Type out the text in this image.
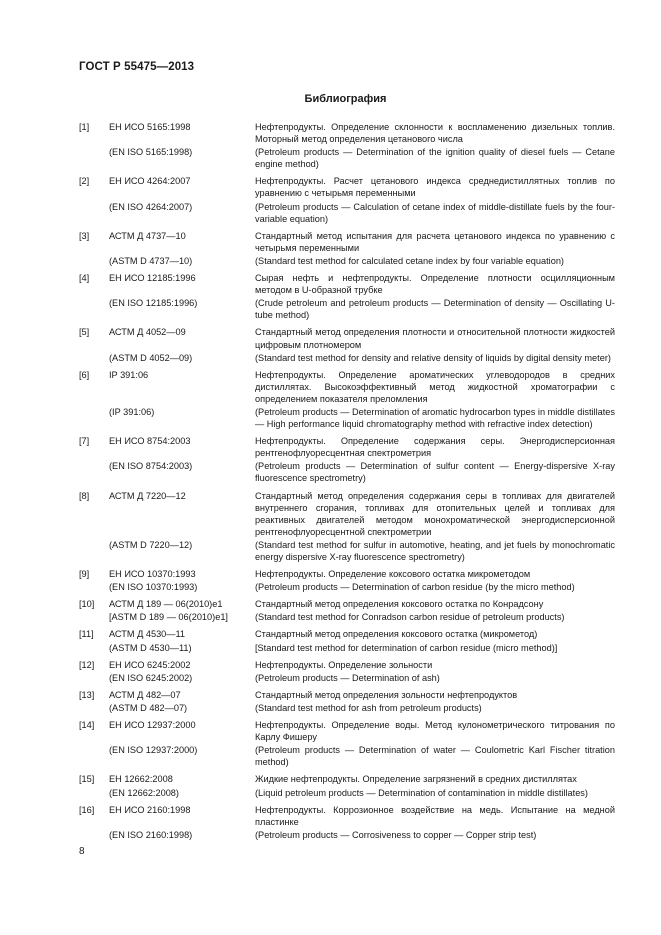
ГОСТ Р 55475—2013
Библиография
[1]	ЕН ИСО 5165:1998	Нефтепродукты. Определение склонности к воспламенению дизельных топлив. Моторный метод определения цетанового числа
(EN ISO 5165:1998)	(Petroleum products — Determination of the ignition quality of diesel fuels — Cetane engine method)
[2]	ЕН ИСО 4264:2007	Нефтепродукты. Расчет цетанового индекса среднедистиллятных топлив по уравнению с четырьмя переменными
(EN ISO 4264:2007)	(Petroleum products — Calculation of cetane index of middle-distillate fuels by the four-variable equation)
[3]	АСТМ Д 4737—10	Стандартный метод испытания для расчета цетанового индекса по уравнению с четырьмя переменными
(ASTM D 4737—10)	(Standard test method for calculated cetane index by four variable equation)
[4]	ЕН ИСО 12185:1996	Сырая нефть и нефтепродукты. Определение плотности осцилляционным методом в U-образной трубке
(EN ISO 12185:1996)	(Crude petroleum and petroleum products — Determination of density — Oscillating U-tube method)
[5]	АСТМ Д 4052—09	Стандартный метод определения плотности и относительной плотности жидкостей цифровым плотномером
(ASTM D 4052—09)	(Standard test method for density and relative density of liquids by digital density meter)
[6]	IP 391:06	Нефтепродукты. Определение ароматических углеводородов в средних дистиллятах. Высокоэффективный метод жидкостной хроматографии с определением показателя преломления
(IP 391:06)	(Petroleum products — Determination of aromatic hydrocarbon types in middle distillates — High performance liquid chromatography method with refractive index detection)
[7]	ЕН ИСО 8754:2003	Нефтепродукты. Определение содержания серы. Энергодисперсионная рентгенофлуоресцентная спектрометрия
(EN ISO 8754:2003)	(Petroleum products — Determination of sulfur content — Energy-dispersive X-ray fluorescence spectrometry)
[8]	АСТМ Д 7220—12	Стандартный метод определения содержания серы в топливах для двигателей внутреннего сгорания, топливах для отопительных целей и топливах для реактивных двигателей методом монохроматической энергодисперсионной рентгенофлуоресцентной спектрометрии
(ASTM D 7220—12)	(Standard test method for sulfur in automotive, heating, and jet fuels by monochromatic energy dispersive X-ray fluorescence spectrometry)
[9]	ЕН ИСО 10370:1993	Нефтепродукты. Определение коксового остатка микрометодом
(EN ISO 10370:1993)	(Petroleum products — Determination of carbon residue (by the micro method)
[10]	АСТМ Д 189 — 06(2010)e1	Стандартный метод определения коксового остатка по Конрадсону
[ASTM D 189 — 06(2010)e1]	(Standard test method for Conradson carbon residue of petroleum products)
[11]	АСТМ Д 4530—11	Стандартный метод определения коксового остатка (микрометод)
(ASTM D 4530—11)	[Standard test method for determination of carbon residue (micro method)]
[12]	ЕН ИСО 6245:2002	Нефтепродукты. Определение зольности
(EN ISO 6245:2002)	(Petroleum products — Determination of ash)
[13]	АСТМ Д 482—07	Стандартный метод определения зольности нефтепродуктов
(ASTM D 482—07)	(Standard test method for ash from petroleum products)
[14]	ЕН ИСО 12937:2000	Нефтепродукты. Определение воды. Метод кулонометрического титрования по Карлу Фишеру
(EN ISO 12937:2000)	(Petroleum products — Determination of water — Coulometric Karl Fischer titration method)
[15]	ЕН 12662:2008	Жидкие нефтепродукты. Определение загрязнений в средних дистиллятах
(EN 12662:2008)	(Liquid petroleum products — Determination of contamination in middle distillates)
[16]	ЕН ИСО 2160:1998	Нефтепродукты. Коррозионное воздействие на медь. Испытание на медной пластинке
(EN ISO 2160:1998)	(Petroleum products — Corrosiveness to copper — Copper strip test)
8
